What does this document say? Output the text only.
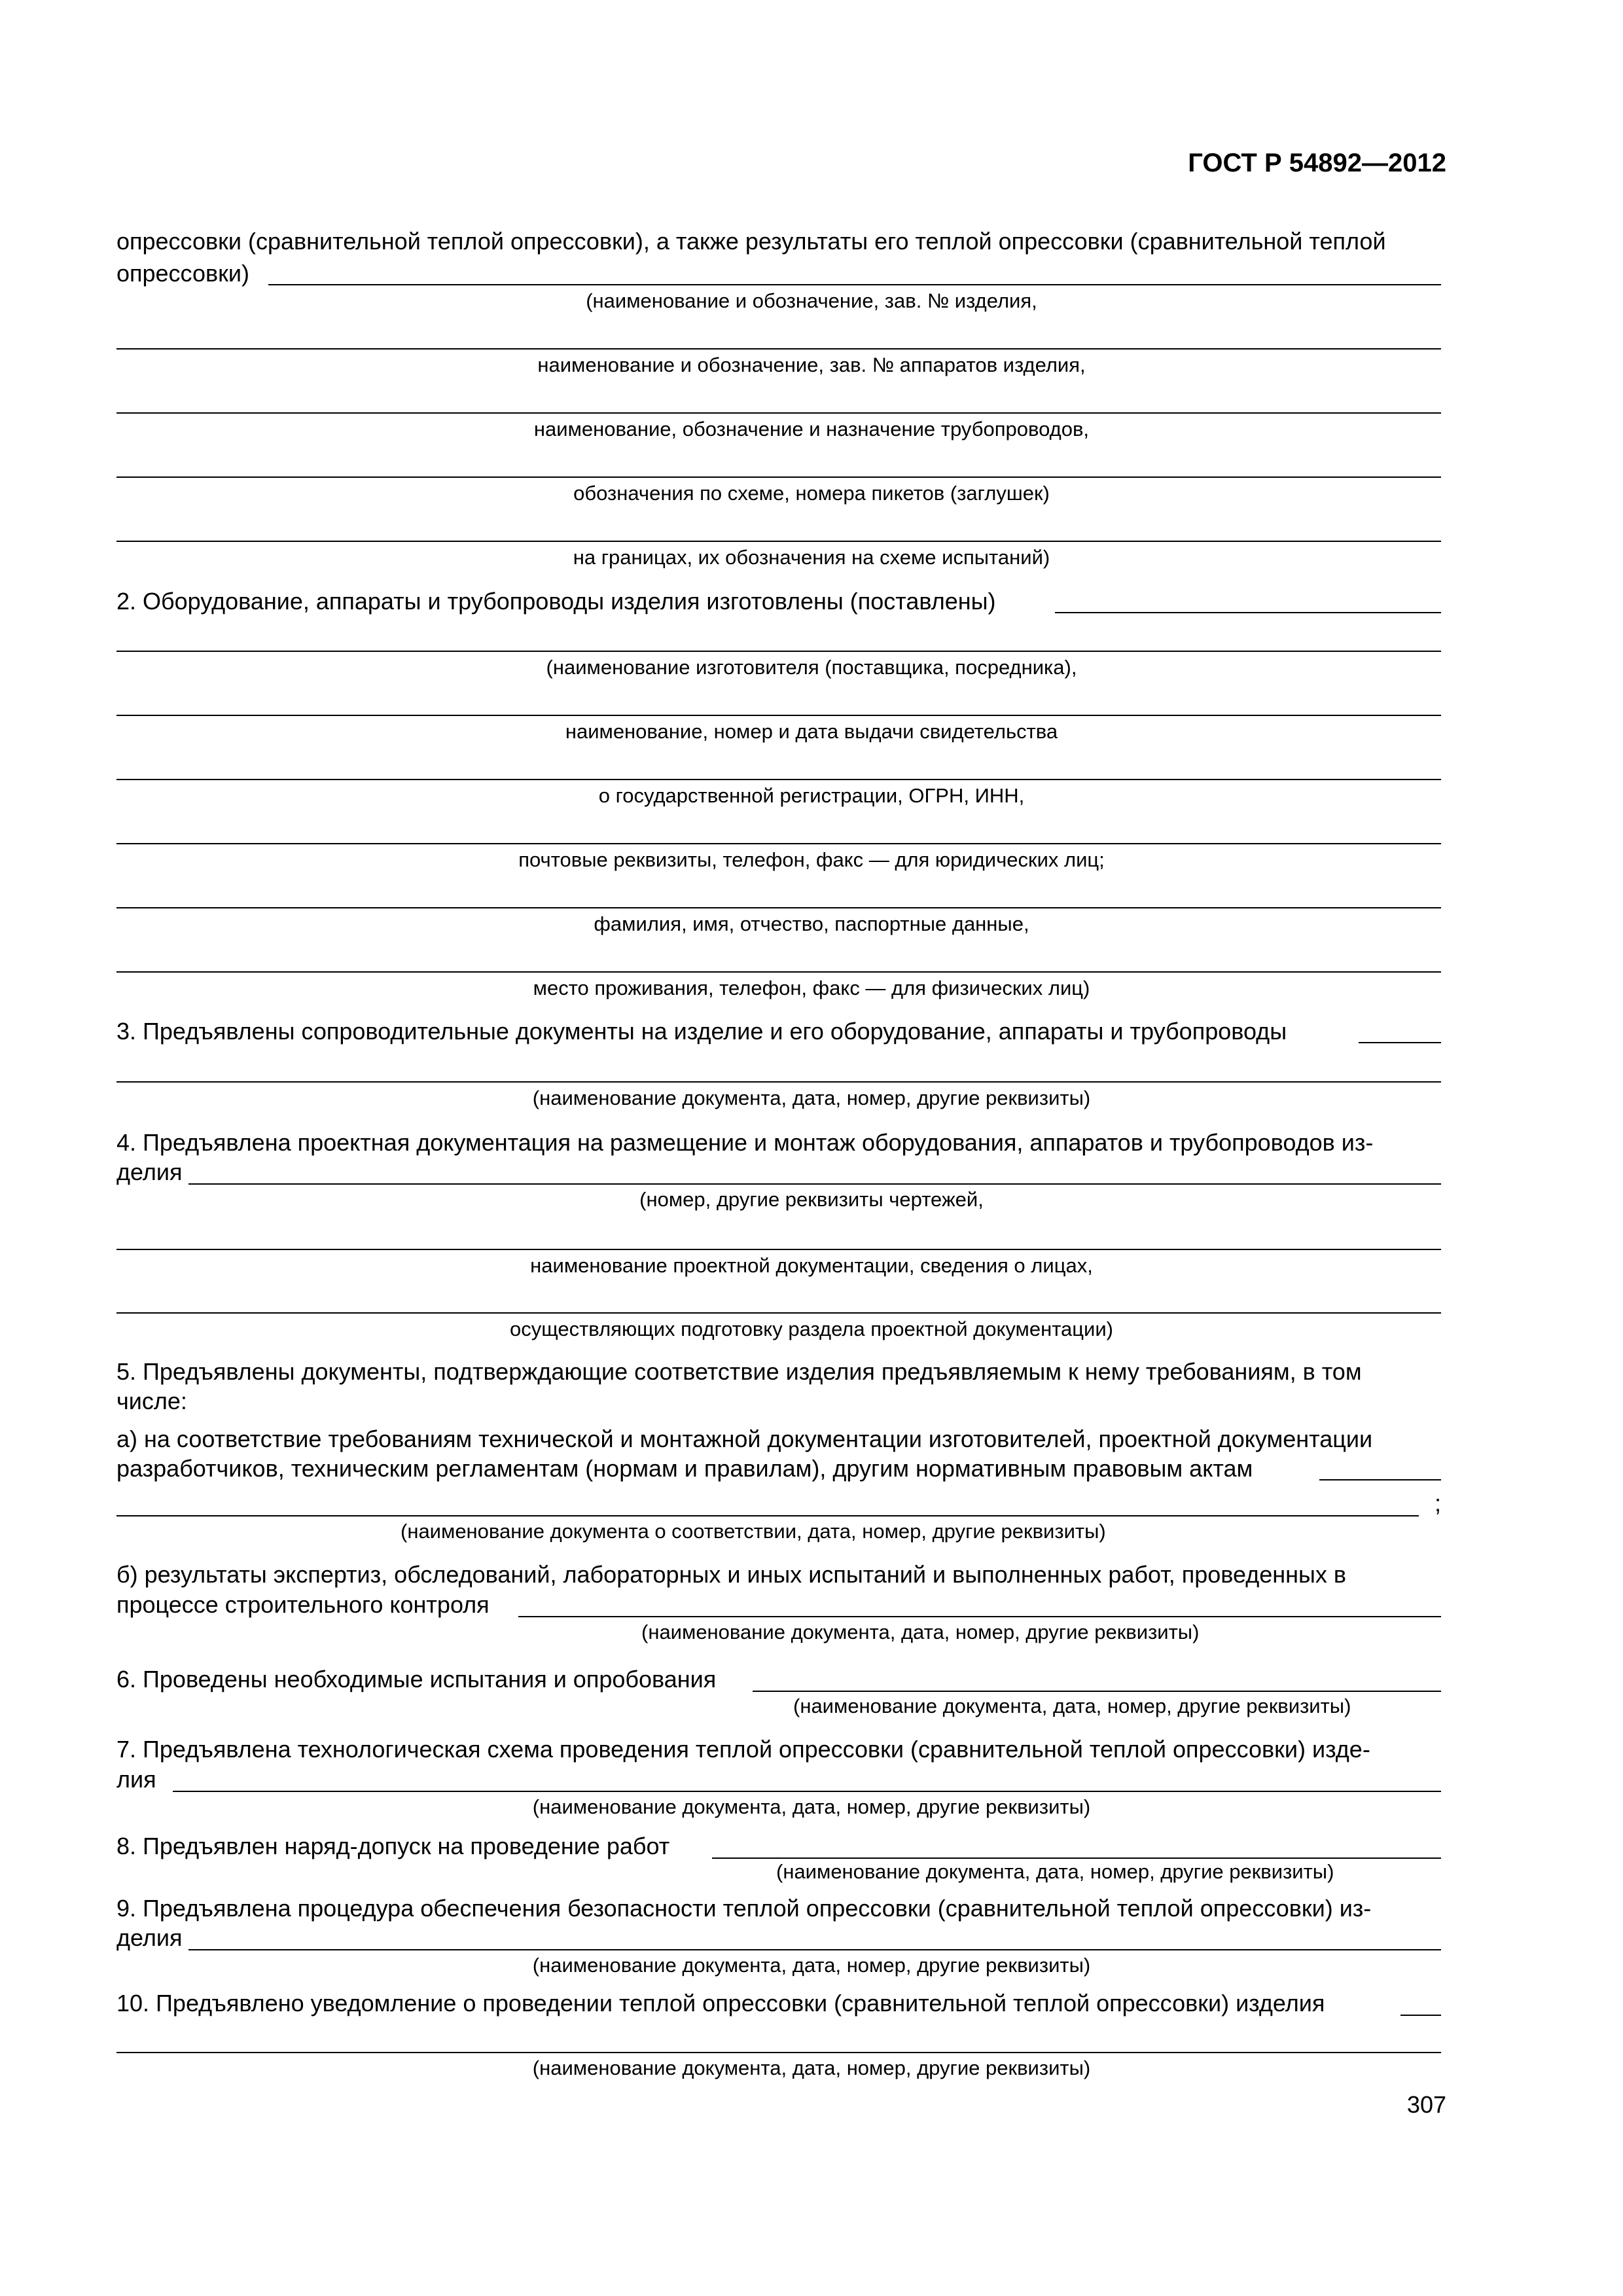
ГОСТ Р 54892—2012
опрессовки (сравнительной теплой опрессовки), а также результаты его теплой опрессовки (сравнительной теплой
опрессовки)
(наименование и обозначение, зав. № изделия,
наименование и обозначение, зав. № аппаратов изделия,
наименование, обозначение и назначение трубопроводов,
обозначения по схеме, номера пикетов (заглушек)
на границах, их обозначения на схеме испытаний)
2. Оборудование, аппараты и трубопроводы изделия изготовлены (поставлены)
(наименование изготовителя (поставщика, посредника),
наименование, номер и дата выдачи свидетельства
о государственной регистрации, ОГРН, ИНН,
почтовые реквизиты, телефон, факс — для юридических лиц;
фамилия, имя, отчество, паспортные данные,
место проживания, телефон, факс — для физических лиц)
3. Предъявлены сопроводительные документы на изделие и его оборудование, аппараты и трубопроводы
(наименование документа, дата, номер, другие реквизиты)
4. Предъявлена проектная документация на размещение и монтаж оборудования, аппаратов и трубопроводов из-
делия
(номер, другие реквизиты чертежей,
наименование проектной документации, сведения о лицах,
осуществляющих подготовку раздела проектной документации)
5. Предъявлены документы, подтверждающие соответствие изделия предъявляемым к нему требованиям, в том
числе:
а) на соответствие требованиям технической и монтажной документации изготовителей, проектной документации
разработчиков, техническим регламентам (нормам и правилам), другим нормативным правовым актам
;
(наименование документа о соответствии, дата, номер, другие реквизиты)
б) результаты экспертиз, обследований, лабораторных и иных испытаний и выполненных работ, проведенных в
процессе строительного контроля
(наименование документа, дата, номер, другие реквизиты)
6. Проведены необходимые испытания и опробования
(наименование документа, дата, номер, другие реквизиты)
7. Предъявлена технологическая схема проведения теплой опрессовки (сравнительной теплой опрессовки) изде-
лия
(наименование документа, дата, номер, другие реквизиты)
8. Предъявлен наряд-допуск на проведение работ
(наименование документа, дата, номер, другие реквизиты)
9. Предъявлена процедура обеспечения безопасности теплой опрессовки (сравнительной теплой опрессовки) из-
делия
(наименование документа, дата, номер, другие реквизиты)
10. Предъявлено уведомление о проведении теплой опрессовки (сравнительной теплой опрессовки) изделия
(наименование документа, дата, номер, другие реквизиты)
307
